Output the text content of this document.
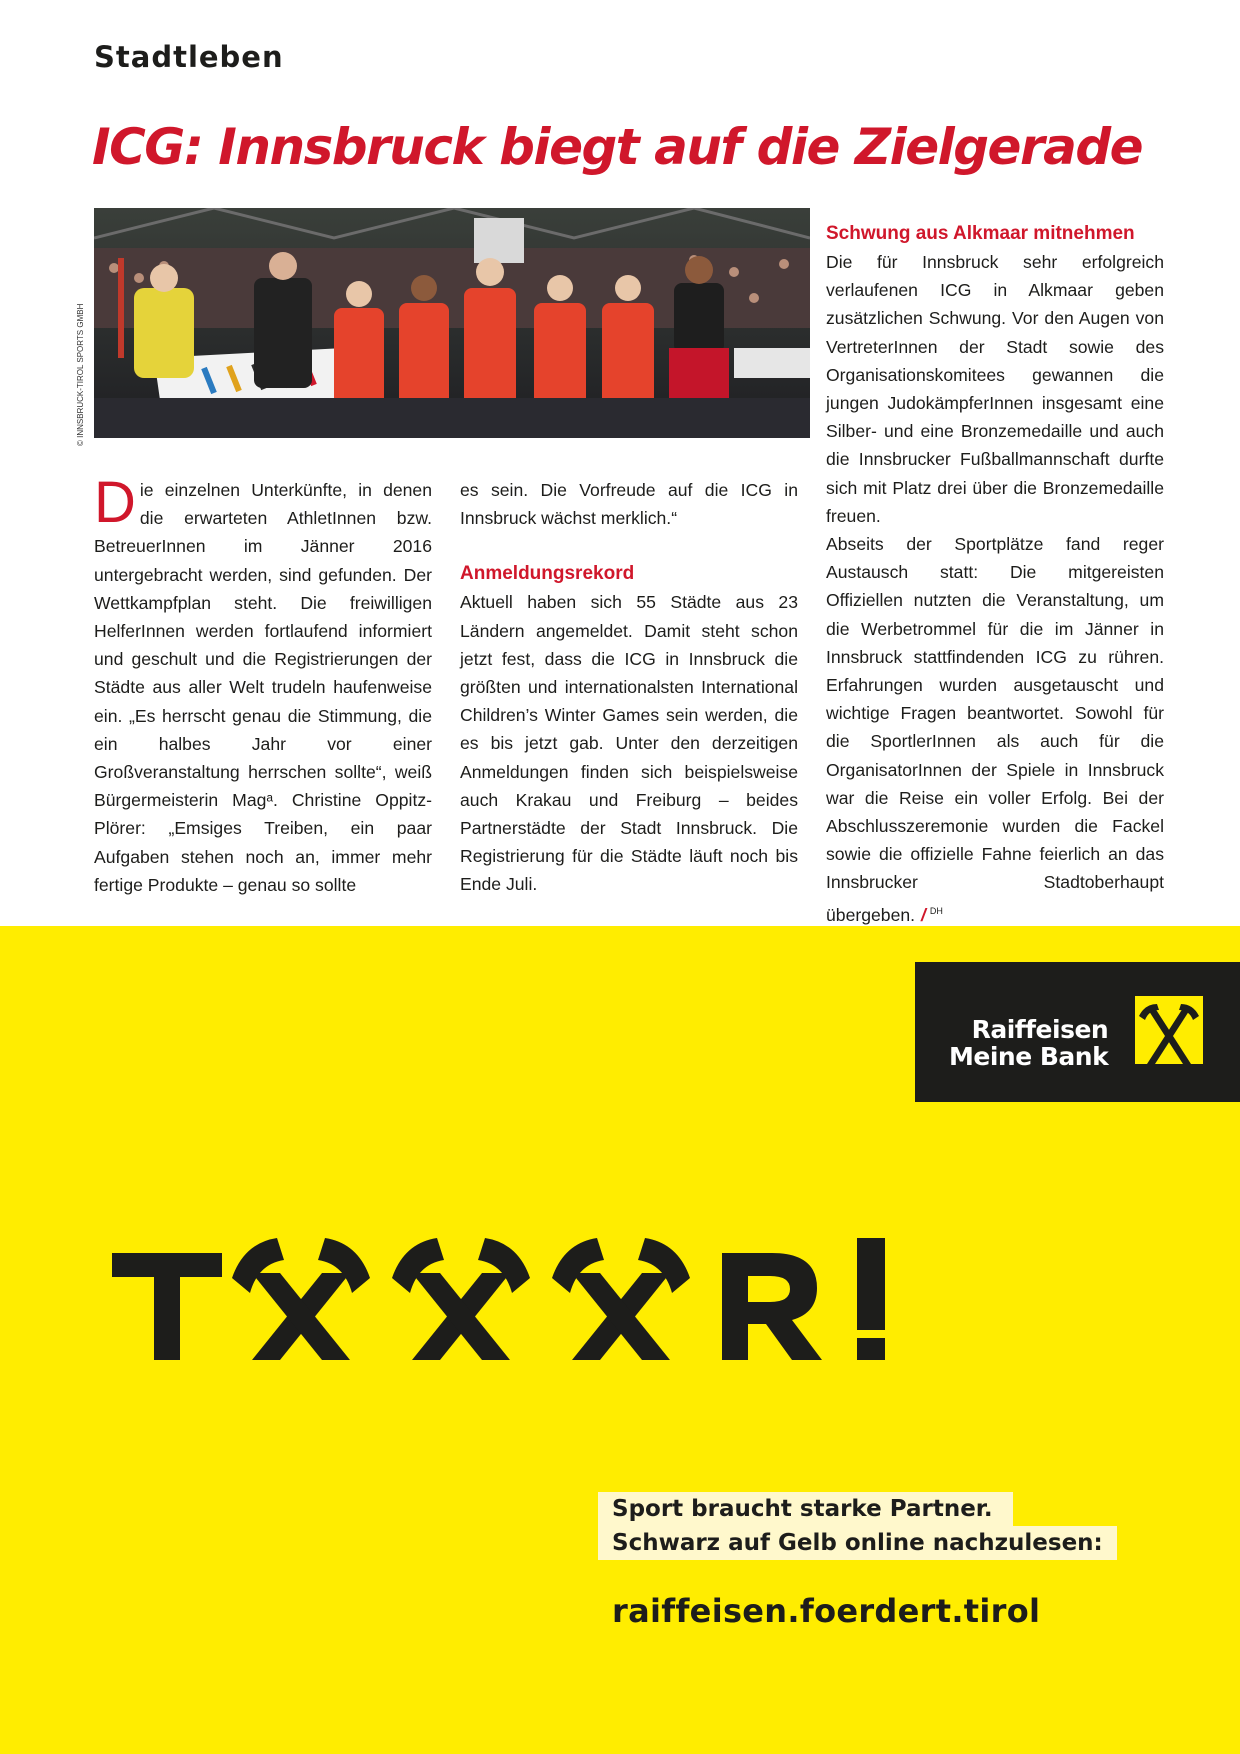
Stadtleben
ICG: Innsbruck biegt auf die Zielgerade
© INNSBRUCK-TIROL SPORTS GMBH
D ie einzelnen Unterkünfte, in denen die erwarteten AthletInnen bzw. BetreuerInnen im Jänner 2016 untergebracht werden, sind gefunden. Der Wettkampfplan steht. Die freiwilligen HelferInnen werden fortlaufend informiert und geschult und die Registrierungen der Städte aus aller Welt trudeln haufenweise ein. „Es herrscht genau die Stimmung, die ein halbes Jahr vor einer Großveranstaltung herrschen sollte“, weiß Bürgermeisterin Magᵃ. Christine Oppitz-Plörer: „Emsiges Treiben, ein paar Aufgaben stehen noch an, immer mehr fertige Produkte – genau so sollte

es sein. Die Vorfreude auf die ICG in Innsbruck wächst merklich.“

Anmeldungsrekord

Aktuell haben sich 55 Städte aus 23 Ländern angemeldet. Damit steht schon jetzt fest, dass die ICG in Innsbruck die größten und internationalsten International Children’s Winter Games sein werden, die es bis jetzt gab. Unter den derzeitigen Anmeldungen finden sich beispielsweise auch Krakau und Freiburg – beides Partnerstädte der Stadt Innsbruck. Die Registrierung für die Städte läuft noch bis Ende Juli.

Schwung aus Alkmaar mitnehmen

Die für Innsbruck sehr erfolgreich verlaufenen ICG in Alkmaar geben zusätzlichen Schwung. Vor den Augen von VertreterInnen der Stadt sowie des Organisationskomitees gewannen die jungen JudokämpferInnen insgesamt eine Silber- und eine Bronzemedaille und auch die Innsbrucker Fußballmannschaft durfte sich mit Platz drei über die Bronzemedaille freuen.

Abseits der Sportplätze fand reger Austausch statt: Die mitgereisten Offiziellen nutzten die Veranstaltung, um die Werbetrommel für die im Jänner in Innsbruck stattfindenden ICG zu rühren. Erfahrungen wurden ausgetauscht und wichtige Fragen beantwortet. Sowohl für die SportlerInnen als auch für die OrganisatorInnen der Spiele in Innsbruck war die Reise ein voller Erfolg. Bei der Abschlusszeremonie wurden die Fackel sowie die offizielle Fahne feierlich an das Innsbrucker Stadtoberhaupt übergeben. / $^{DH}$

Raiffeisen
Meine Bank
Sport braucht starke Partner.
Schwarz auf Gelb online nachzulesen:
raiffeisen.foerdert.tirol
